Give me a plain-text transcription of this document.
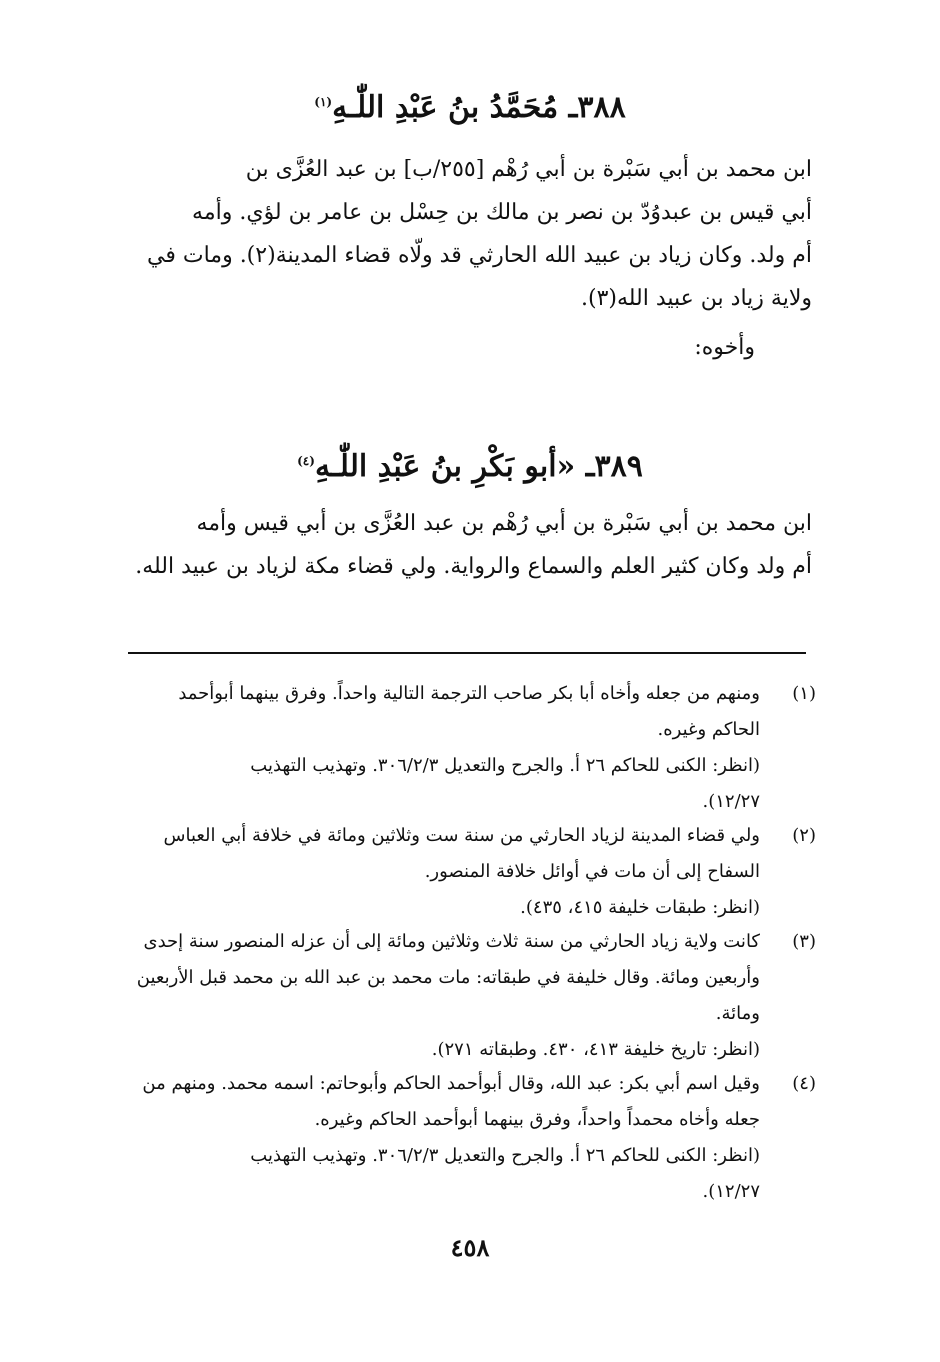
٣٨٨ـ مُحَمَّدُ بنُ عَبْدِ اللّٰـهِ$^{(١)}$
ابن محمد بن أبي سَبْرة بن أبي رُهْم [٢٥٥/ب] بن عبد العُزَّى بن
أبي قيس بن عبدوُدّ بن نصر بن مالك بن حِسْل بن عامر بن لؤي. وأمه
أم ولد. وكان زياد بن عبيد الله الحارثي قد ولّاه قضاء المدينة(٢). ومات في
ولاية زياد بن عبيد الله(٣).
وأخوه:
٣٨٩ـ «أبو بَكْرِ بنُ عَبْدِ اللّٰـهِ$^{(٤)}$
ابن محمد بن أبي سَبْرة بن أبي رُهْم بن عبد العُزَّى بن أبي قيس وأمه
أم ولد وكان كثير العلم والسماع والرواية. ولي قضاء مكة لزياد بن عبيد الله.
(١)
ومنهم من جعله وأخاه أبا بكر صاحب الترجمة التالية واحداً. وفرق بينهما أبوأحمد
الحاكم وغيره.
(انظر: الكنى للحاكم ٢٦ أ. والجرح والتعديل ٣٠٦/٢/٣. وتهذيب التهذيب
١٢/٢٧).
(٢)
ولي قضاء المدينة لزياد الحارثي من سنة ست وثلاثين ومائة في خلافة أبي العباس
السفاح إلى أن مات في أوائل خلافة المنصور.
(انظر: طبقات خليفة ٤١٥، ٤٣٥).
(٣)
كانت ولاية زياد الحارثي من سنة ثلاث وثلاثين ومائة إلى أن عزله المنصور سنة إحدى
وأربعين ومائة. وقال خليفة في طبقاته: مات محمد بن عبد الله بن محمد قبل الأربعين
ومائة.
(انظر: تاريخ خليفة ٤١٣، ٤٣٠. وطبقاته ٢٧١).
(٤)
وقيل اسم أبي بكر: عبد الله، وقال أبوأحمد الحاكم وأبوحاتم: اسمه محمد. ومنهم من
جعله وأخاه محمداً واحداً، وفرق بينهما أبوأحمد الحاكم وغيره.
(انظر: الكنى للحاكم ٢٦ أ. والجرح والتعديل ٣٠٦/٢/٣. وتهذيب التهذيب
١٢/٢٧).
٤٥٨
